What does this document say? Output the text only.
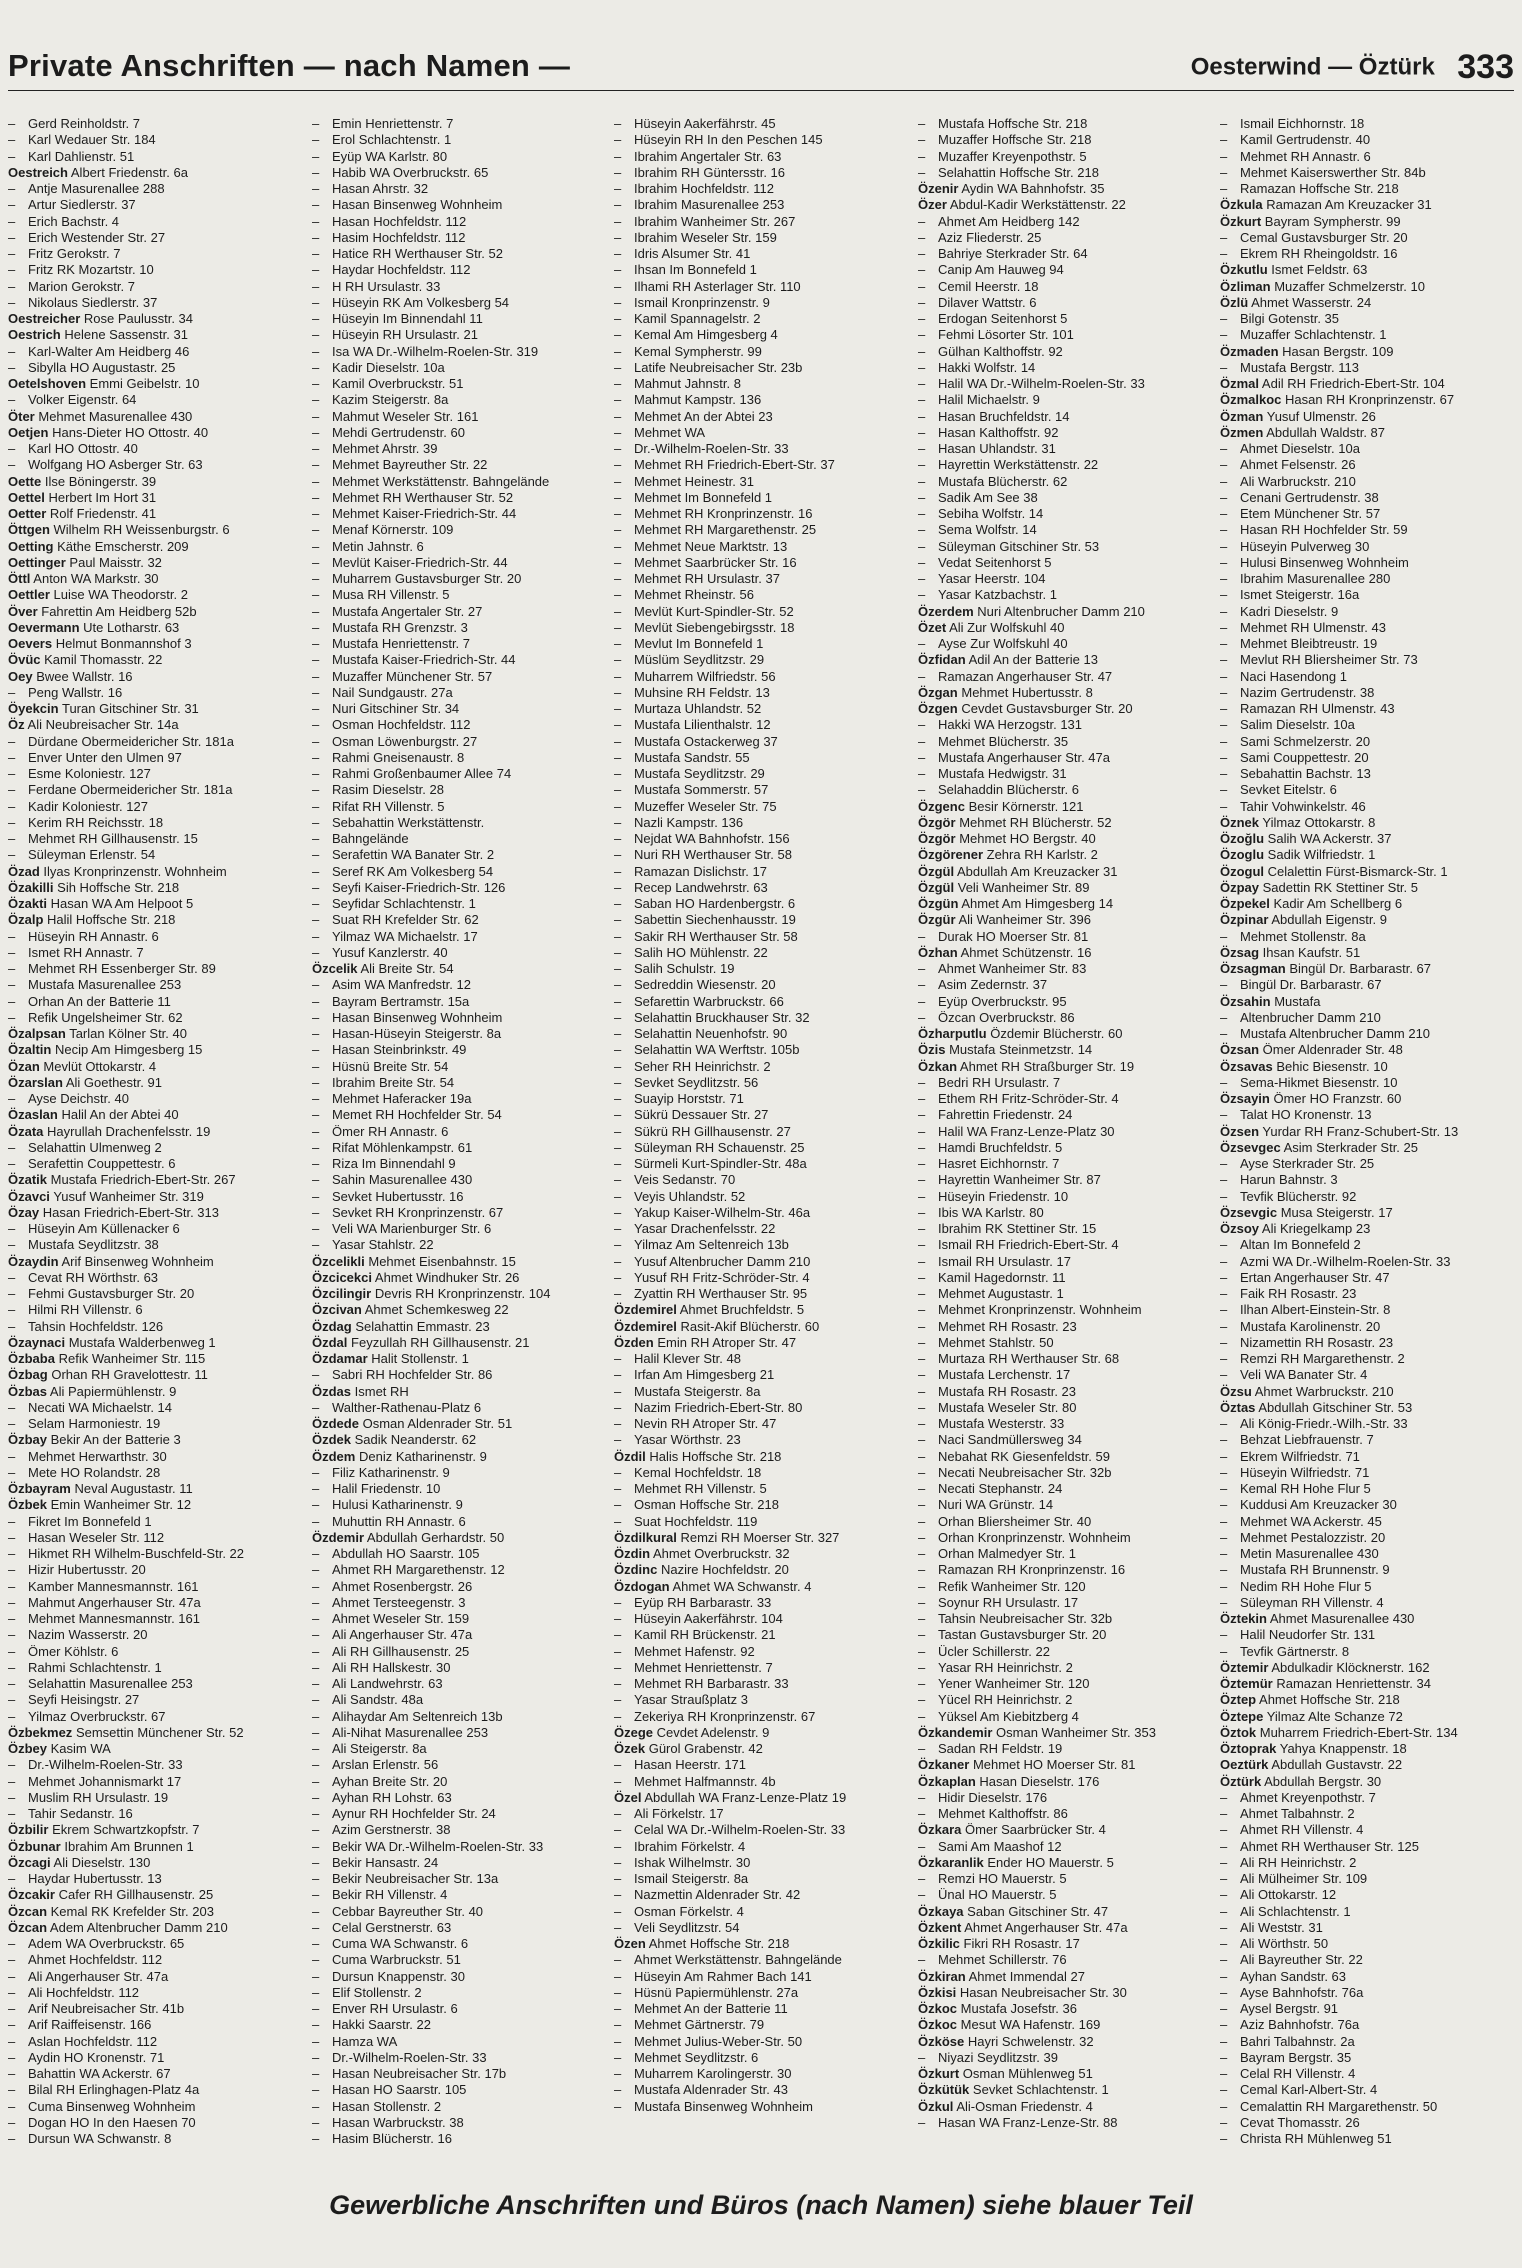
Private Anschriften — nach Namen —	Oesterwind — Öztürk 333
– Gerd Reinholdstr. 7
– Karl Wedauer Str. 184
– Karl Dahlienstr. 51
Oestreich Albert Friedenstr. 6a
– Antje Masurenallee 288
– Artur Siedlerstr. 37
– Erich Bachstr. 4
– Erich Westender Str. 27
– Fritz Gerokstr. 7
– Fritz RK Mozartstr. 10
– Marion Gerokstr. 7
– Nikolaus Siedlerstr. 37
Oestreicher Rose Paulusstr. 34
Oestrich Helene Sassenstr. 31
– Karl-Walter Am Heidberg 46
– Sibylla HO Augustastr. 25
Oetelshoven Emmi Geibelstr. 10
– Volker Eigenstr. 64
Öter Mehmet Masurenallee 430
Oetjen Hans-Dieter HO Ottostr. 40
– Karl HO Ottostr. 40
– Wolfgang HO Asberger Str. 63
Oette Ilse Böningerstr. 39
Oettel Herbert Im Hort 31
Oetter Rolf Friedenstr. 41
Öttgen Wilhelm RH Weissenburgstr. 6
Oetting Käthe Emscherstr. 209
Oettinger Paul Maisstr. 32
Öttl Anton WA Markstr. 30
Oettler Luise WA Theodorstr. 2
Över Fahrettin Am Heidberg 52b
Oevermann Ute Lotharstr. 63
Oevers Helmut Bonmannshof 3
Övüc Kamil Thomasstr. 22
Oey Bwee Wallstr. 16
– Peng Wallstr. 16
Öyekcin Turan Gitschiner Str. 31
Öz Ali Neubreisacher Str. 14a
– Dürdane Obermeidericher Str. 181a
– Enver Unter den Ulmen 97
– Esme Koloniestr. 127
– Ferdane Obermeidericher Str. 181a
– Kadir Koloniestr. 127
– Kerim RH Reichsstr. 18
– Mehmet RH Gillhausenstr. 15
– Süleyman Erlenstr. 54
Özad Ilyas Kronprinzenstr. Wohnheim
Özakilli Sih Hoffsche Str. 218
Özakti Hasan WA Am Helpoot 5
Özalp Halil Hoffsche Str. 218
– Hüseyin RH Annastr. 6
– Ismet RH Annastr. 7
– Mehmet RH Essenberger Str. 89
– Mustafa Masurenallee 253
– Orhan An der Batterie 11
– Refik Ungelsheimer Str. 62
Özalpsan Tarlan Kölner Str. 40
Özaltin Necip Am Himgesberg 15
Özan Mevlüt Ottokarstr. 4
Özarslan Ali Goethestr. 91
– Ayse Deichstr. 40
Özaslan Halil An der Abtei 40
Özata Hayrullah Drachenfelsstr. 19
– Selahattin Ulmenweg 2
– Serafettin Couppettestr. 6
Özatik Mustafa Friedrich-Ebert-Str. 267
Özavci Yusuf Wanheimer Str. 319
Özay Hasan Friedrich-Ebert-Str. 313
– Hüseyin Am Küllenacker 6
– Mustafa Seydlitzstr. 38
Özaydin Arif Binsenweg Wohnheim
– Cevat RH Wörthstr. 63
– Fehmi Gustavsburger Str. 20
– Hilmi RH Villenstr. 6
– Tahsin Hochfeldstr. 126
Özaynaci Mustafa Walderbenweg 1
Özbaba Refik Wanheimer Str. 115
Özbag Orhan RH Gravelottestr. 11
Özbas Ali Papiermühlenstr. 9
– Necati WA Michaelstr. 14
– Selam Harmoniestr. 19
Özbay Bekir An der Batterie 3
– Mehmet Herwarthstr. 30
– Mete HO Rolandstr. 28
Özbayram Neval Augustastr. 11
Özbek Emin Wanheimer Str. 12
– Fikret Im Bonnefeld 1
– Hasan Weseler Str. 112
– Hikmet RH Wilhelm-Buschfeld-Str. 22
– Hizir Hubertusstr. 20
– Kamber Mannesmannstr. 161
– Mahmut Angerhauser Str. 47a
– Mehmet Mannesmannstr. 161
– Nazim Wasserstr. 20
– Ömer Köhlstr. 6
– Rahmi Schlachtenstr. 1
– Selahattin Masurenallee 253
– Seyfi Heisingstr. 27
– Yilmaz Overbruckstr. 67
Özbekmez Semsettin Münchener Str. 52
Özbey Kasim WA
– Dr.-Wilhelm-Roelen-Str. 33
– Mehmet Johannismarkt 17
– Muslim RH Ursulastr. 19
– Tahir Sedanstr. 16
Özbilir Ekrem Schwartzkopfstr. 7
Özbunar Ibrahim Am Brunnen 1
Özcagi Ali Dieselstr. 130
– Haydar Hubertusstr. 13
Özcakir Cafer RH Gillhausenstr. 25
Özcan Kemal RK Krefelder Str. 203
Özcan Adem Altenbrucher Damm 210
– Adem WA Overbruckstr. 65
– Ahmet Hochfeldstr. 112
– Ali Angerhauser Str. 47a
– Ali Hochfeldstr. 112
– Arif Neubreisacher Str. 41b
– Arif Raiffeisenstr. 166
– Aslan Hochfeldstr. 112
– Aydin HO Kronenstr. 71
– Bahattin WA Ackerstr. 67
– Bilal RH Erlinghagen-Platz 4a
– Cuma Binsenweg Wohnheim
– Dogan HO In den Haesen 70
– Dursun WA Schwanstr. 8
– Emin Henriettenstr. 7
– Erol Schlachtenstr. 1
– Eyüp WA Karlstr. 80
– Habib WA Overbruckstr. 65
– Hasan Ahrstr. 32
– Hasan Binsenweg Wohnheim
– Hasan Hochfeldstr. 112
– Hasim Hochfeldstr. 112
– Hatice RH Werthauser Str. 52
– Haydar Hochfeldstr. 112
– H RH Ursulastr. 33
– Hüseyin RK Am Volkesberg 54
– Hüseyin Im Binnendahl 11
– Hüseyin RH Ursulastr. 21
– Isa WA Dr.-Wilhelm-Roelen-Str. 319
– Kadir Dieselstr. 10a
– Kamil Overbruckstr. 51
– Kazim Steigerstr. 8a
– Mahmut Weseler Str. 161
– Mehdi Gertrudenstr. 60
– Mehmet Ahrstr. 39
– Mehmet Bayreuther Str. 22
– Mehmet Werkstättenstr. Bahngelände
– Mehmet RH Werthauser Str. 52
– Mehmet Kaiser-Friedrich-Str. 44
– Menaf Körnerstr. 109
– Metin Jahnstr. 6
– Mevlüt Kaiser-Friedrich-Str. 44
– Muharrem Gustavsburger Str. 20
– Musa RH Villenstr. 5
– Mustafa Angertaler Str. 27
– Mustafa RH Grenzstr. 3
– Mustafa Henriettenstr. 7
– Mustafa Kaiser-Friedrich-Str. 44
– Muzaffer Münchener Str. 57
– Nail Sundgaustr. 27a
– Nuri Gitschiner Str. 34
– Osman Hochfeldstr. 112
– Osman Löwenburgstr. 27
– Rahmi Gneisenaustr. 8
– Rahmi Großenbaumer Allee 74
– Rasim Dieselstr. 28
– Rifat RH Villenstr. 5
– Sebahattin Werkstättenstr.
– Bahngelände
– Serafettin WA Banater Str. 2
– Seref RK Am Volkesberg 54
– Seyfi Kaiser-Friedrich-Str. 126
– Seyfidar Schlachtenstr. 1
– Suat RH Krefelder Str. 62
– Yilmaz WA Michaelstr. 17
– Yusuf Kanzlerstr. 40
Özcelik Ali Breite Str. 54
– Asim WA Manfredstr. 12
– Bayram Bertramstr. 15a
– Hasan Binsenweg Wohnheim
– Hasan-Hüseyin Steigerstr. 8a
– Hasan Steinbrinkstr. 49
– Hüsnü Breite Str. 54
– Ibrahim Breite Str. 54
– Mehmet Haferacker 19a
– Memet RH Hochfelder Str. 54
– Ömer RH Annastr. 6
– Rifat Möhlenkampstr. 61
– Riza Im Binnendahl 9
– Sahin Masurenallee 430
– Sevket Hubertusstr. 16
– Sevket RH Kronprinzenstr. 67
– Veli WA Marienburger Str. 6
– Yasar Stahlstr. 22
Özcelikli Mehmet Eisenbahnstr. 15
Özcicekci Ahmet Windhuker Str. 26
Özcilingir Devris RH Kronprinzenstr. 104
Özcivan Ahmet Schemkesweg 22
Özdag Selahattin Emmastr. 23
Özdal Feyzullah RH Gillhausenstr. 21
Özdamar Halit Stollenstr. 1
– Sabri RH Hochfelder Str. 86
Özdas Ismet RH
– Walther-Rathenau-Platz 6
Özdede Osman Aldenrader Str. 51
Özdek Sadik Neanderstr. 62
Özdem Deniz Katharinenstr. 9
– Filiz Katharinenstr. 9
– Halil Friedenstr. 10
– Hulusi Katharinenstr. 9
– Muhuttin RH Annastr. 6
Özdemir Abdullah Gerhardstr. 50
– Abdullah HO Saarstr. 105
– Ahmet RH Margarethenstr. 12
– Ahmet Rosenbergstr. 26
– Ahmet Tersteegenstr. 3
– Ahmet Weseler Str. 159
– Ali Angerhauser Str. 47a
– Ali RH Gillhausenstr. 25
– Ali RH Hallskestr. 30
– Ali Landwehrstr. 63
– Ali Sandstr. 48a
– Alihaydar Am Seltenreich 13b
– Ali-Nihat Masurenallee 253
– Ali Steigerstr. 8a
– Arslan Erlenstr. 56
– Ayhan Breite Str. 20
– Ayhan RH Lohstr. 63
– Aynur RH Hochfelder Str. 24
– Azim Gerstnerstr. 38
– Bekir WA Dr.-Wilhelm-Roelen-Str. 33
– Bekir Hansastr. 24
– Bekir Neubreisacher Str. 13a
– Bekir RH Villenstr. 4
– Cebbar Bayreuther Str. 40
– Celal Gerstnerstr. 63
– Cuma WA Schwanstr. 6
– Cuma Warbruckstr. 51
– Dursun Knappenstr. 30
– Elif Stollenstr. 2
– Enver RH Ursulastr. 6
– Hakki Saarstr. 22
– Hamza WA
– Dr.-Wilhelm-Roelen-Str. 33
– Hasan Neubreisacher Str. 17b
– Hasan HO Saarstr. 105
– Hasan Stollenstr. 2
– Hasan Warbruckstr. 38
– Hasim Blücherstr. 16
– Hüseyin Aakerfährstr. 45
– Hüseyin RH In den Peschen 145
– Ibrahim Angertaler Str. 63
– Ibrahim RH Güntersstr. 16
– Ibrahim Hochfeldstr. 112
– Ibrahim Masurenallee 253
– Ibrahim Wanheimer Str. 267
– Ibrahim Weseler Str. 159
– Idris Alsumer Str. 41
– Ihsan Im Bonnefeld 1
– Ilhami RH Asterlager Str. 110
– Ismail Kronprinzenstr. 9
– Kamil Spannagelstr. 2
– Kemal Am Himgesberg 4
– Kemal Sympherstr. 99
– Latife Neubreisacher Str. 23b
– Mahmut Jahnstr. 8
– Mahmut Kampstr. 136
– Mehmet An der Abtei 23
– Mehmet WA
– Dr.-Wilhelm-Roelen-Str. 33
– Mehmet RH Friedrich-Ebert-Str. 37
– Mehmet Heinestr. 31
– Mehmet Im Bonnefeld 1
– Mehmet RH Kronprinzenstr. 16
– Mehmet RH Margarethenstr. 25
– Mehmet Neue Marktstr. 13
– Mehmet Saarbrücker Str. 16
– Mehmet RH Ursulastr. 37
– Mehmet Rheinstr. 56
– Mevlüt Kurt-Spindler-Str. 52
– Mevlüt Siebengebirgsstr. 18
– Mevlut Im Bonnefeld 1
– Müslüm Seydlitzstr. 29
– Muharrem Wilfriedstr. 56
– Muhsine RH Feldstr. 13
– Murtaza Uhlandstr. 52
– Mustafa Lilienthalstr. 12
– Mustafa Ostackerweg 37
– Mustafa Sandstr. 55
– Mustafa Seydlitzstr. 29
– Mustafa Sommerstr. 57
– Muzeffer Weseler Str. 75
– Nazli Kampstr. 136
– Nejdat WA Bahnhofstr. 156
– Nuri RH Werthauser Str. 58
– Ramazan Dislichstr. 17
– Recep Landwehrstr. 63
– Saban HO Hardenbergstr. 6
– Sabettin Siechenhausstr. 19
– Sakir RH Werthauser Str. 58
– Salih HO Mühlenstr. 22
– Salih Schulstr. 19
– Sedreddin Wiesenstr. 20
– Sefarettin Warbruckstr. 66
– Selahattin Bruckhauser Str. 32
– Selahattin Neuenhofstr. 90
– Selahattin WA Werftstr. 105b
– Seher RH Heinrichstr. 2
– Sevket Seydlitzstr. 56
– Suayip Horststr. 71
– Sükrü Dessauer Str. 27
– Sükrü RH Gillhausenstr. 27
– Süleyman RH Schauenstr. 25
– Sürmeli Kurt-Spindler-Str. 48a
– Veis Sedanstr. 70
– Veyis Uhlandstr. 52
– Yakup Kaiser-Wilhelm-Str. 46a
– Yasar Drachenfelsstr. 22
– Yilmaz Am Seltenreich 13b
– Yusuf Altenbrucher Damm 210
– Yusuf RH Fritz-Schröder-Str. 4
– Zyattin RH Werthauser Str. 95
Özdemirel Ahmet Bruchfeldstr. 5
Özdemirel Rasit-Akif Blücherstr. 60
Özden Emin RH Atroper Str. 47
– Halil Klever Str. 48
– Irfan Am Himgesberg 21
– Mustafa Steigerstr. 8a
– Nazim Friedrich-Ebert-Str. 80
– Nevin RH Atroper Str. 47
– Yasar Wörthstr. 23
Özdil Halis Hoffsche Str. 218
– Kemal Hochfeldstr. 18
– Mehmet RH Villenstr. 5
– Osman Hoffsche Str. 218
– Suat Hochfeldstr. 119
Özdilkural Remzi RH Moerser Str. 327
Özdin Ahmet Overbruckstr. 32
Özdinc Nazire Hochfeldstr. 20
Özdogan Ahmet WA Schwanstr. 4
– Eyüp RH Barbarastr. 33
– Hüseyin Aakerfährstr. 104
– Kamil RH Brückenstr. 21
– Mehmet Hafenstr. 92
– Mehmet Henriettenstr. 7
– Mehmet RH Barbarastr. 33
– Yasar Straußplatz 3
– Zekeriya RH Kronprinzenstr. 67
Özege Cevdet Adelenstr. 9
Özek Gürol Grabenstr. 42
– Hasan Heerstr. 171
– Mehmet Halfmannstr. 4b
Özel Abdullah WA Franz-Lenze-Platz 19
– Ali Förkelstr. 17
– Celal WA Dr.-Wilhelm-Roelen-Str. 33
– Ibrahim Förkelstr. 4
– Ishak Wilhelmstr. 30
– Ismail Steigerstr. 8a
– Nazmettin Aldenrader Str. 42
– Osman Förkelstr. 4
– Veli Seydlitzstr. 54
Özen Ahmet Hoffsche Str. 218
– Ahmet Werkstättenstr. Bahngelände
– Hüseyin Am Rahmer Bach 141
– Hüsnü Papiermühlenstr. 27a
– Mehmet An der Batterie 11
– Mehmet Gärtnerstr. 79
– Mehmet Julius-Weber-Str. 50
– Mehmet Seydlitzstr. 6
– Muharrem Karolingerstr. 30
– Mustafa Aldenrader Str. 43
– Mustafa Binsenweg Wohnheim
– Mustafa Hoffsche Str. 218
– Muzaffer Hoffsche Str. 218
– Muzaffer Kreyenpothstr. 5
– Selahattin Hoffsche Str. 218
Özenir Aydin WA Bahnhofstr. 35
Özer Abdul-Kadir Werkstättenstr. 22
– Ahmet Am Heidberg 142
– Aziz Fliederstr. 25
– Bahriye Sterkrader Str. 64
– Canip Am Hauweg 94
– Cemil Heerstr. 18
– Dilaver Wattstr. 6
– Erdogan Seitenhorst 5
– Fehmi Lösorter Str. 101
– Gülhan Kalthoffstr. 92
– Hakki Wolfstr. 14
– Halil WA Dr.-Wilhelm-Roelen-Str. 33
– Halil Michaelstr. 9
– Hasan Bruchfeldstr. 14
– Hasan Kalthoffstr. 92
– Hasan Uhlandstr. 31
– Hayrettin Werkstättenstr. 22
– Mustafa Blücherstr. 62
– Sadik Am See 38
– Sebiha Wolfstr. 14
– Sema Wolfstr. 14
– Süleyman Gitschiner Str. 53
– Vedat Seitenhorst 5
– Yasar Heerstr. 104
– Yasar Katzbachstr. 1
Özerdem Nuri Altenbrucher Damm 210
Özet Ali Zur Wolfskuhl 40
– Ayse Zur Wolfskuhl 40
Özfidan Adil An der Batterie 13
– Ramazan Angerhauser Str. 47
Özgan Mehmet Hubertusstr. 8
Özgen Cevdet Gustavsburger Str. 20
– Hakki WA Herzogstr. 131
– Mehmet Blücherstr. 35
– Mustafa Angerhauser Str. 47a
– Mustafa Hedwigstr. 31
– Selahaddin Blücherstr. 6
Özgenc Besir Körnerstr. 121
Özgör Mehmet RH Blücherstr. 52
Özgör Mehmet HO Bergstr. 40
Özgörener Zehra RH Karlstr. 2
Özgül Abdullah Am Kreuzacker 31
Özgül Veli Wanheimer Str. 89
Özgün Ahmet Am Himgesberg 14
Özgür Ali Wanheimer Str. 396
– Durak HO Moerser Str. 81
Özhan Ahmet Schützenstr. 16
– Ahmet Wanheimer Str. 83
– Asim Zedernstr. 37
– Eyüp Overbruckstr. 95
– Özcan Overbruckstr. 86
Özharputlu Özdemir Blücherstr. 60
Özis Mustafa Steinmetzstr. 14
Özkan Ahmet RH Straßburger Str. 19
– Bedri RH Ursulastr. 7
– Ethem RH Fritz-Schröder-Str. 4
– Fahrettin Friedenstr. 24
– Halil WA Franz-Lenze-Platz 30
– Hamdi Bruchfeldstr. 5
– Hasret Eichhornstr. 7
– Hayrettin Wanheimer Str. 87
– Hüseyin Friedenstr. 10
– Ibis WA Karlstr. 80
– Ibrahim RK Stettiner Str. 15
– Ismail RH Friedrich-Ebert-Str. 4
– Ismail RH Ursulastr. 17
– Kamil Hagedornstr. 11
– Mehmet Augustastr. 1
– Mehmet Kronprinzenstr. Wohnheim
– Mehmet RH Rosastr. 23
– Mehmet Stahlstr. 50
– Murtaza RH Werthauser Str. 68
– Mustafa Lerchenstr. 17
– Mustafa RH Rosastr. 23
– Mustafa Weseler Str. 80
– Mustafa Westerstr. 33
– Naci Sandmüllersweg 34
– Nebahat RK Giesenfeldstr. 59
– Necati Neubreisacher Str. 32b
– Necati Stephanstr. 24
– Nuri WA Grünstr. 14
– Orhan Bliersheimer Str. 40
– Orhan Kronprinzenstr. Wohnheim
– Orhan Malmedyer Str. 1
– Ramazan RH Kronprinzenstr. 16
– Refik Wanheimer Str. 120
– Soynur RH Ursulastr. 17
– Tahsin Neubreisacher Str. 32b
– Tastan Gustavsburger Str. 20
– Ücler Schillerstr. 22
– Yasar RH Heinrichstr. 2
– Yener Wanheimer Str. 120
– Yücel RH Heinrichstr. 2
– Yüksel Am Kiebitzberg 4
Özkandemir Osman Wanheimer Str. 353
– Sadan RH Feldstr. 19
Özkaner Mehmet HO Moerser Str. 81
Özkaplan Hasan Dieselstr. 176
– Hidir Dieselstr. 176
– Mehmet Kalthoffstr. 86
Özkara Ömer Saarbrücker Str. 4
– Sami Am Maashof 12
Özkaranlik Ender HO Mauerstr. 5
– Remzi HO Mauerstr. 5
– Ünal HO Mauerstr. 5
Özkaya Saban Gitschiner Str. 47
Özkent Ahmet Angerhauser Str. 47a
Özkilic Fikri RH Rosastr. 17
– Mehmet Schillerstr. 76
Özkiran Ahmet Immendal 27
Özkisi Hasan Neubreisacher Str. 30
Özkoc Mustafa Josefstr. 36
Özkoc Mesut WA Hafenstr. 169
Özköse Hayri Schwelenstr. 32
– Niyazi Seydlitzstr. 39
Özkurt Osman Mühlenweg 51
Özkütük Sevket Schlachtenstr. 1
Özkul Ali-Osman Friedenstr. 4
– Hasan WA Franz-Lenze-Str. 88
– Ismail Eichhornstr. 18
– Kamil Gertrudenstr. 40
– Mehmet RH Annastr. 6
– Mehmet Kaiserswerther Str. 84b
– Ramazan Hoffsche Str. 218
Özkula Ramazan Am Kreuzacker 31
Özkurt Bayram Sympherstr. 99
– Cemal Gustavsburger Str. 20
– Ekrem RH Rheingoldstr. 16
Özkutlu Ismet Feldstr. 63
Özliman Muzaffer Schmelzerstr. 10
Özlü Ahmet Wasserstr. 24
– Bilgi Gotenstr. 35
– Muzaffer Schlachtenstr. 1
Özmaden Hasan Bergstr. 109
– Mustafa Bergstr. 113
Özmal Adil RH Friedrich-Ebert-Str. 104
Özmalkoc Hasan RH Kronprinzenstr. 67
Özman Yusuf Ulmenstr. 26
Özmen Abdullah Waldstr. 87
– Ahmet Dieselstr. 10a
– Ahmet Felsenstr. 26
– Ali Warbruckstr. 210
– Cenani Gertrudenstr. 38
– Etem Münchener Str. 57
– Hasan RH Hochfelder Str. 59
– Hüseyin Pulverweg 30
– Hulusi Binsenweg Wohnheim
– Ibrahim Masurenallee 280
– Ismet Steigerstr. 16a
– Kadri Dieselstr. 9
– Mehmet RH Ulmenstr. 43
– Mehmet Bleibtreustr. 19
– Mevlut RH Bliersheimer Str. 73
– Naci Hasendong 1
– Nazim Gertrudenstr. 38
– Ramazan RH Ulmenstr. 43
– Salim Dieselstr. 10a
– Sami Schmelzerstr. 20
– Sami Couppettestr. 20
– Sebahattin Bachstr. 13
– Sevket Eitelstr. 6
– Tahir Vohwinkelstr. 46
Öznek Yilmaz Ottokarstr. 8
Özoğlu Salih WA Ackerstr. 37
Özoglu Sadik Wilfriedstr. 1
Özogul Celalettin Fürst-Bismarck-Str. 1
Özpay Sadettin RK Stettiner Str. 5
Özpekel Kadir Am Schellberg 6
Özpinar Abdullah Eigenstr. 9
– Mehmet Stollenstr. 8a
Özsag Ihsan Kaufstr. 51
Özsagman Bingül Dr. Barbarastr. 67
– Bingül Dr. Barbarastr. 67
Özsahin Mustafa
– Altenbrucher Damm 210
– Mustafa Altenbrucher Damm 210
Özsan Ömer Aldenrader Str. 48
Özsavas Behic Biesenstr. 10
– Sema-Hikmet Biesenstr. 10
Özsayin Ömer HO Franzstr. 60
– Talat HO Kronenstr. 13
Özsen Yurdar RH Franz-Schubert-Str. 13
Özsevgec Asim Sterkrader Str. 25
– Ayse Sterkrader Str. 25
– Harun Bahnstr. 3
– Tevfik Blücherstr. 92
Özsevgic Musa Steigerstr. 17
Özsoy Ali Kriegelkamp 23
– Altan Im Bonnefeld 2
– Azmi WA Dr.-Wilhelm-Roelen-Str. 33
– Ertan Angerhauser Str. 47
– Faik RH Rosastr. 23
– Ilhan Albert-Einstein-Str. 8
– Mustafa Karolinenstr. 20
– Nizamettin RH Rosastr. 23
– Remzi RH Margarethenstr. 2
– Veli WA Banater Str. 4
Özsu Ahmet Warbruckstr. 210
Öztas Abdullah Gitschiner Str. 53
– Ali König-Friedr.-Wilh.-Str. 33
– Behzat Liebfrauenstr. 7
– Ekrem Wilfriedstr. 71
– Hüseyin Wilfriedstr. 71
– Kemal RH Hohe Flur 5
– Kuddusi Am Kreuzacker 30
– Mehmet WA Ackerstr. 45
– Mehmet Pestalozzistr. 20
– Metin Masurenallee 430
– Mustafa RH Brunnenstr. 9
– Nedim RH Hohe Flur 5
– Süleyman RH Villenstr. 4
Öztekin Ahmet Masurenallee 430
– Halil Neudorfer Str. 131
– Tevfik Gärtnerstr. 8
Öztemir Abdulkadir Klöcknerstr. 162
Öztemür Ramazan Henriettenstr. 34
Öztep Ahmet Hoffsche Str. 218
Öztepe Yilmaz Alte Schanze 72
Öztok Muharrem Friedrich-Ebert-Str. 134
Öztoprak Yahya Knappenstr. 18
Oeztürk Abdullah Gustavstr. 22
Öztürk Abdullah Bergstr. 30
– Ahmet Kreyenpothstr. 7
– Ahmet Talbahnstr. 2
– Ahmet RH Villenstr. 4
– Ahmet RH Werthauser Str. 125
– Ali RH Heinrichstr. 2
– Ali Mülheimer Str. 109
– Ali Ottokarstr. 12
– Ali Schlachtenstr. 1
– Ali Weststr. 31
– Ali Wörthstr. 50
– Ali Bayreuther Str. 22
– Ayhan Sandstr. 63
– Ayse Bahnhofstr. 76a
– Aysel Bergstr. 91
– Aziz Bahnhofstr. 76a
– Bahri Talbahnstr. 2a
– Bayram Bergstr. 35
– Celal RH Villenstr. 4
– Cemal Karl-Albert-Str. 4
– Cemalattin RH Margarethenstr. 50
– Cevat Thomasstr. 26
– Christa RH Mühlenweg 51
Gewerbliche Anschriften und Büros (nach Namen) siehe blauer Teil
